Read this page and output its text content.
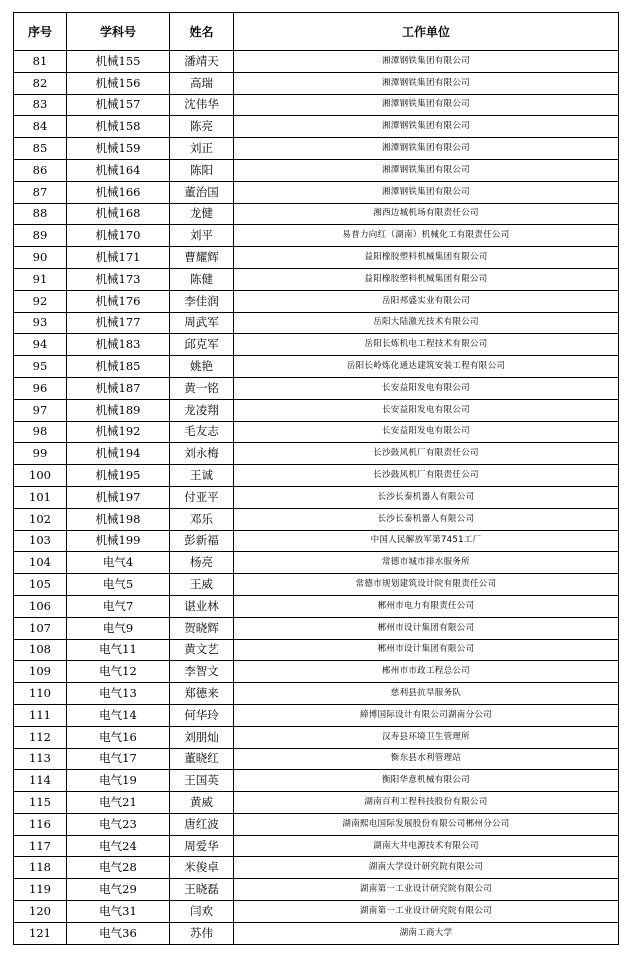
序号	学科号	姓名	工作单位
81	机械155	潘靖天	湘潭钢铁集团有限公司
82	机械156	高瑞	湘潭钢铁集团有限公司
83	机械157	沈伟华	湘潭钢铁集团有限公司
84	机械158	陈亮	湘潭钢铁集团有限公司
85	机械159	刘正	湘潭钢铁集团有限公司
86	机械164	陈阳	湘潭钢铁集团有限公司
87	机械166	董治国	湘潭钢铁集团有限公司
88	机械168	龙健	湘西边城机场有限责任公司
89	机械170	刘平	易普力向红（湖南）机械化工有限责任公司
90	机械171	曹耀辉	益阳橡胶塑料机械集团有限公司
91	机械173	陈健	益阳橡胶塑料机械集团有限公司
92	机械176	李佳润	岳阳邦盛实业有限公司
93	机械177	周武军	岳阳大陆激光技术有限公司
94	机械183	邱克军	岳阳长炼机电工程技术有限公司
95	机械185	姚艳	岳阳长岭炼化通达建筑安装工程有限公司
96	机械187	黄一铭	长安益阳发电有限公司
97	机械189	龙凌翔	长安益阳发电有限公司
98	机械192	毛友志	长安益阳发电有限公司
99	机械194	刘永梅	长沙鼓风机厂有限责任公司
100	机械195	王诚	长沙鼓风机厂有限责任公司
101	机械197	付亚平	长沙长泰机器人有限公司
102	机械198	邓乐	长沙长泰机器人有限公司
103	机械199	彭新福	中国人民解放军第7451工厂
104	电气4	杨亮	常德市城市排水服务所
105	电气5	王威	常德市规划建筑设计院有限责任公司
106	电气7	谌业林	郴州市电力有限责任公司
107	电气9	贺晓辉	郴州市设计集团有限公司
108	电气11	黄文艺	郴州市设计集团有限公司
109	电气12	李智文	郴州市市政工程总公司
110	电气13	郑德来	慈利县抗旱服务队
111	电气14	何华玲	締博国际设计有限公司湖南分公司
112	电气16	刘朋灿	汉寿县环境卫生管理所
113	电气17	董晓红	衡东县水利管理站
114	电气19	王国英	衡阳华意机械有限公司
115	电气21	黄威	湖南百利工程科技股份有限公司
116	电气23	唐红波	湖南熙电国际发展股份有限公司郴州分公司
117	电气24	周爱华	湖南大井电源技术有限公司
118	电气28	米俊卓	湖南大学设计研究院有限公司
119	电气29	王晓磊	湖南第一工业设计研究院有限公司
120	电气31	闫欢	湖南第一工业设计研究院有限公司
121	电气36	苏伟	湖南工商大学
